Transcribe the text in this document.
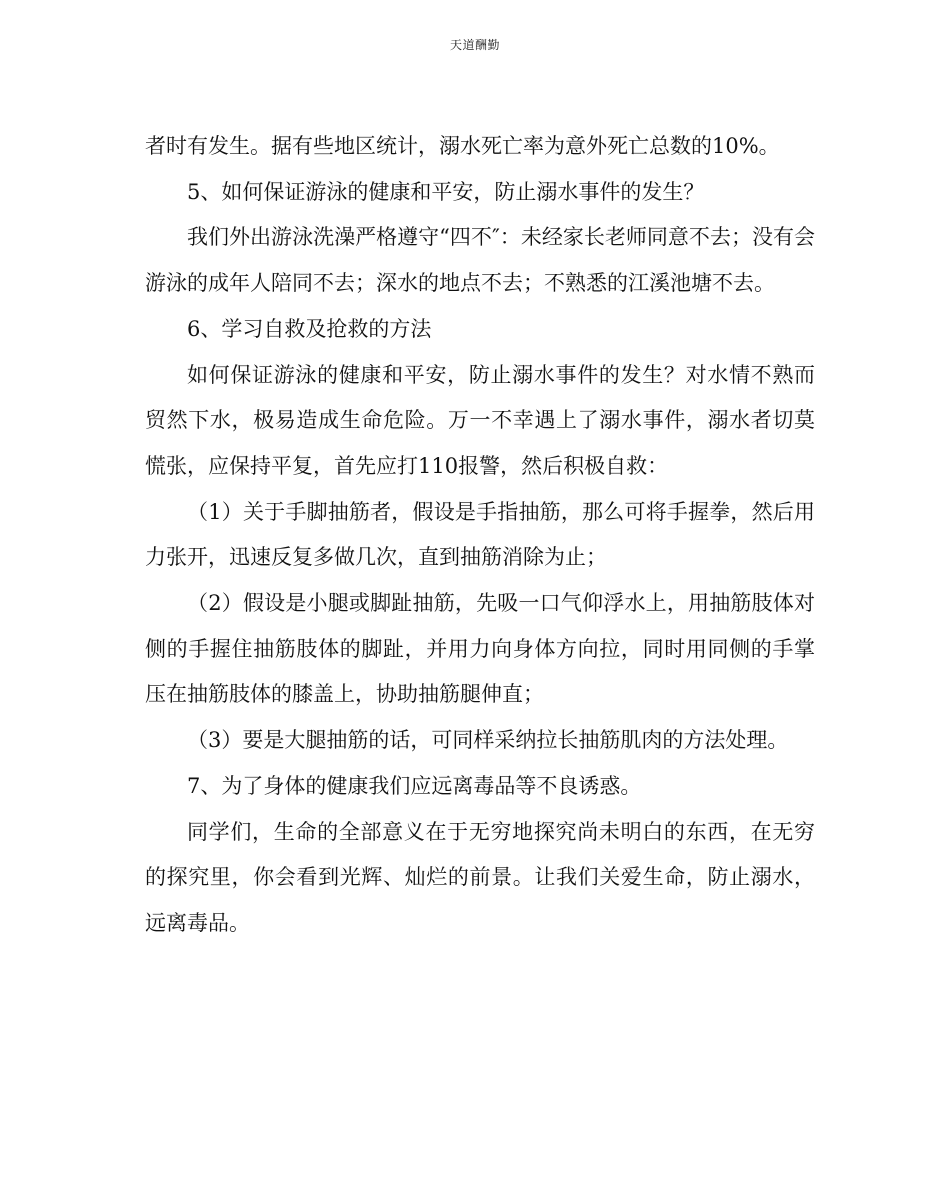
天道酬勤

者时有发生。据有些地区统计，溺水死亡率为意外死亡总数的10%。

5、如何保证游泳的健康和平安，防止溺水事件的发生？

我们外出游泳洗澡严格遵守“四不″：未经家长老师同意不去；没有会游泳的成年人陪同不去；深水的地点不去；不熟悉的江溪池塘不去。

6、学习自救及抢救的方法

如何保证游泳的健康和平安，防止溺水事件的发生？对水情不熟而贸然下水，极易造成生命危险。万一不幸遇上了溺水事件，溺水者切莫慌张，应保持平复，首先应打110报警，然后积极自救：

（1）关于手脚抽筋者，假设是手指抽筋，那么可将手握拳，然后用力张开，迅速反复多做几次，直到抽筋消除为止；

（2）假设是小腿或脚趾抽筋，先吸一口气仰浮水上，用抽筋肢体对侧的手握住抽筋肢体的脚趾，并用力向身体方向拉，同时用同侧的手掌压在抽筋肢体的膝盖上，协助抽筋腿伸直；

（3）要是大腿抽筋的话，可同样采纳拉长抽筋肌肉的方法处理。

7、为了身体的健康我们应远离毒品等不良诱惑。

同学们，生命的全部意义在于无穷地探究尚未明白的东西，在无穷的探究里，你会看到光辉、灿烂的前景。让我们关爱生命，防止溺水，远离毒品。
